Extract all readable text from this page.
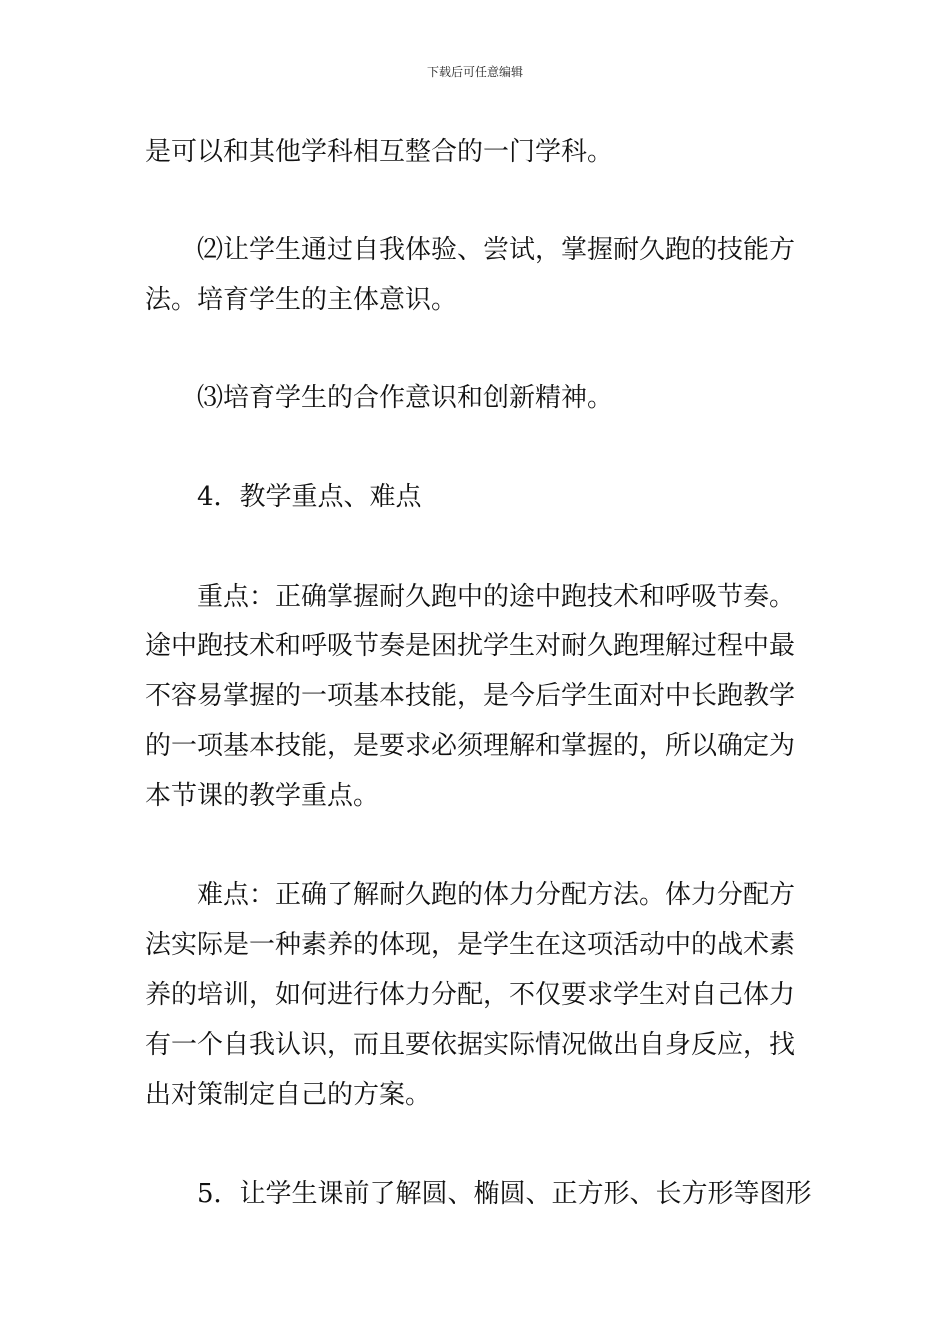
下载后可任意编辑
是可以和其他学科相互整合的一门学科。
⑵让学生通过自我体验、尝试，掌握耐久跑的技能方
法。培育学生的主体意识。
⑶培育学生的合作意识和创新精神。
4．教学重点、难点
重点：正确掌握耐久跑中的途中跑技术和呼吸节奏。
途中跑技术和呼吸节奏是困扰学生对耐久跑理解过程中最
不容易掌握的一项基本技能，是今后学生面对中长跑教学
的一项基本技能，是要求必须理解和掌握的，所以确定为
本节课的教学重点。
难点：正确了解耐久跑的体力分配方法。体力分配方
法实际是一种素养的体现，是学生在这项活动中的战术素
养的培训，如何进行体力分配，不仅要求学生对自己体力
有一个自我认识，而且要依据实际情况做出自身反应，找
出对策制定自己的方案。
5．让学生课前了解圆、椭圆、正方形、长方形等图形
